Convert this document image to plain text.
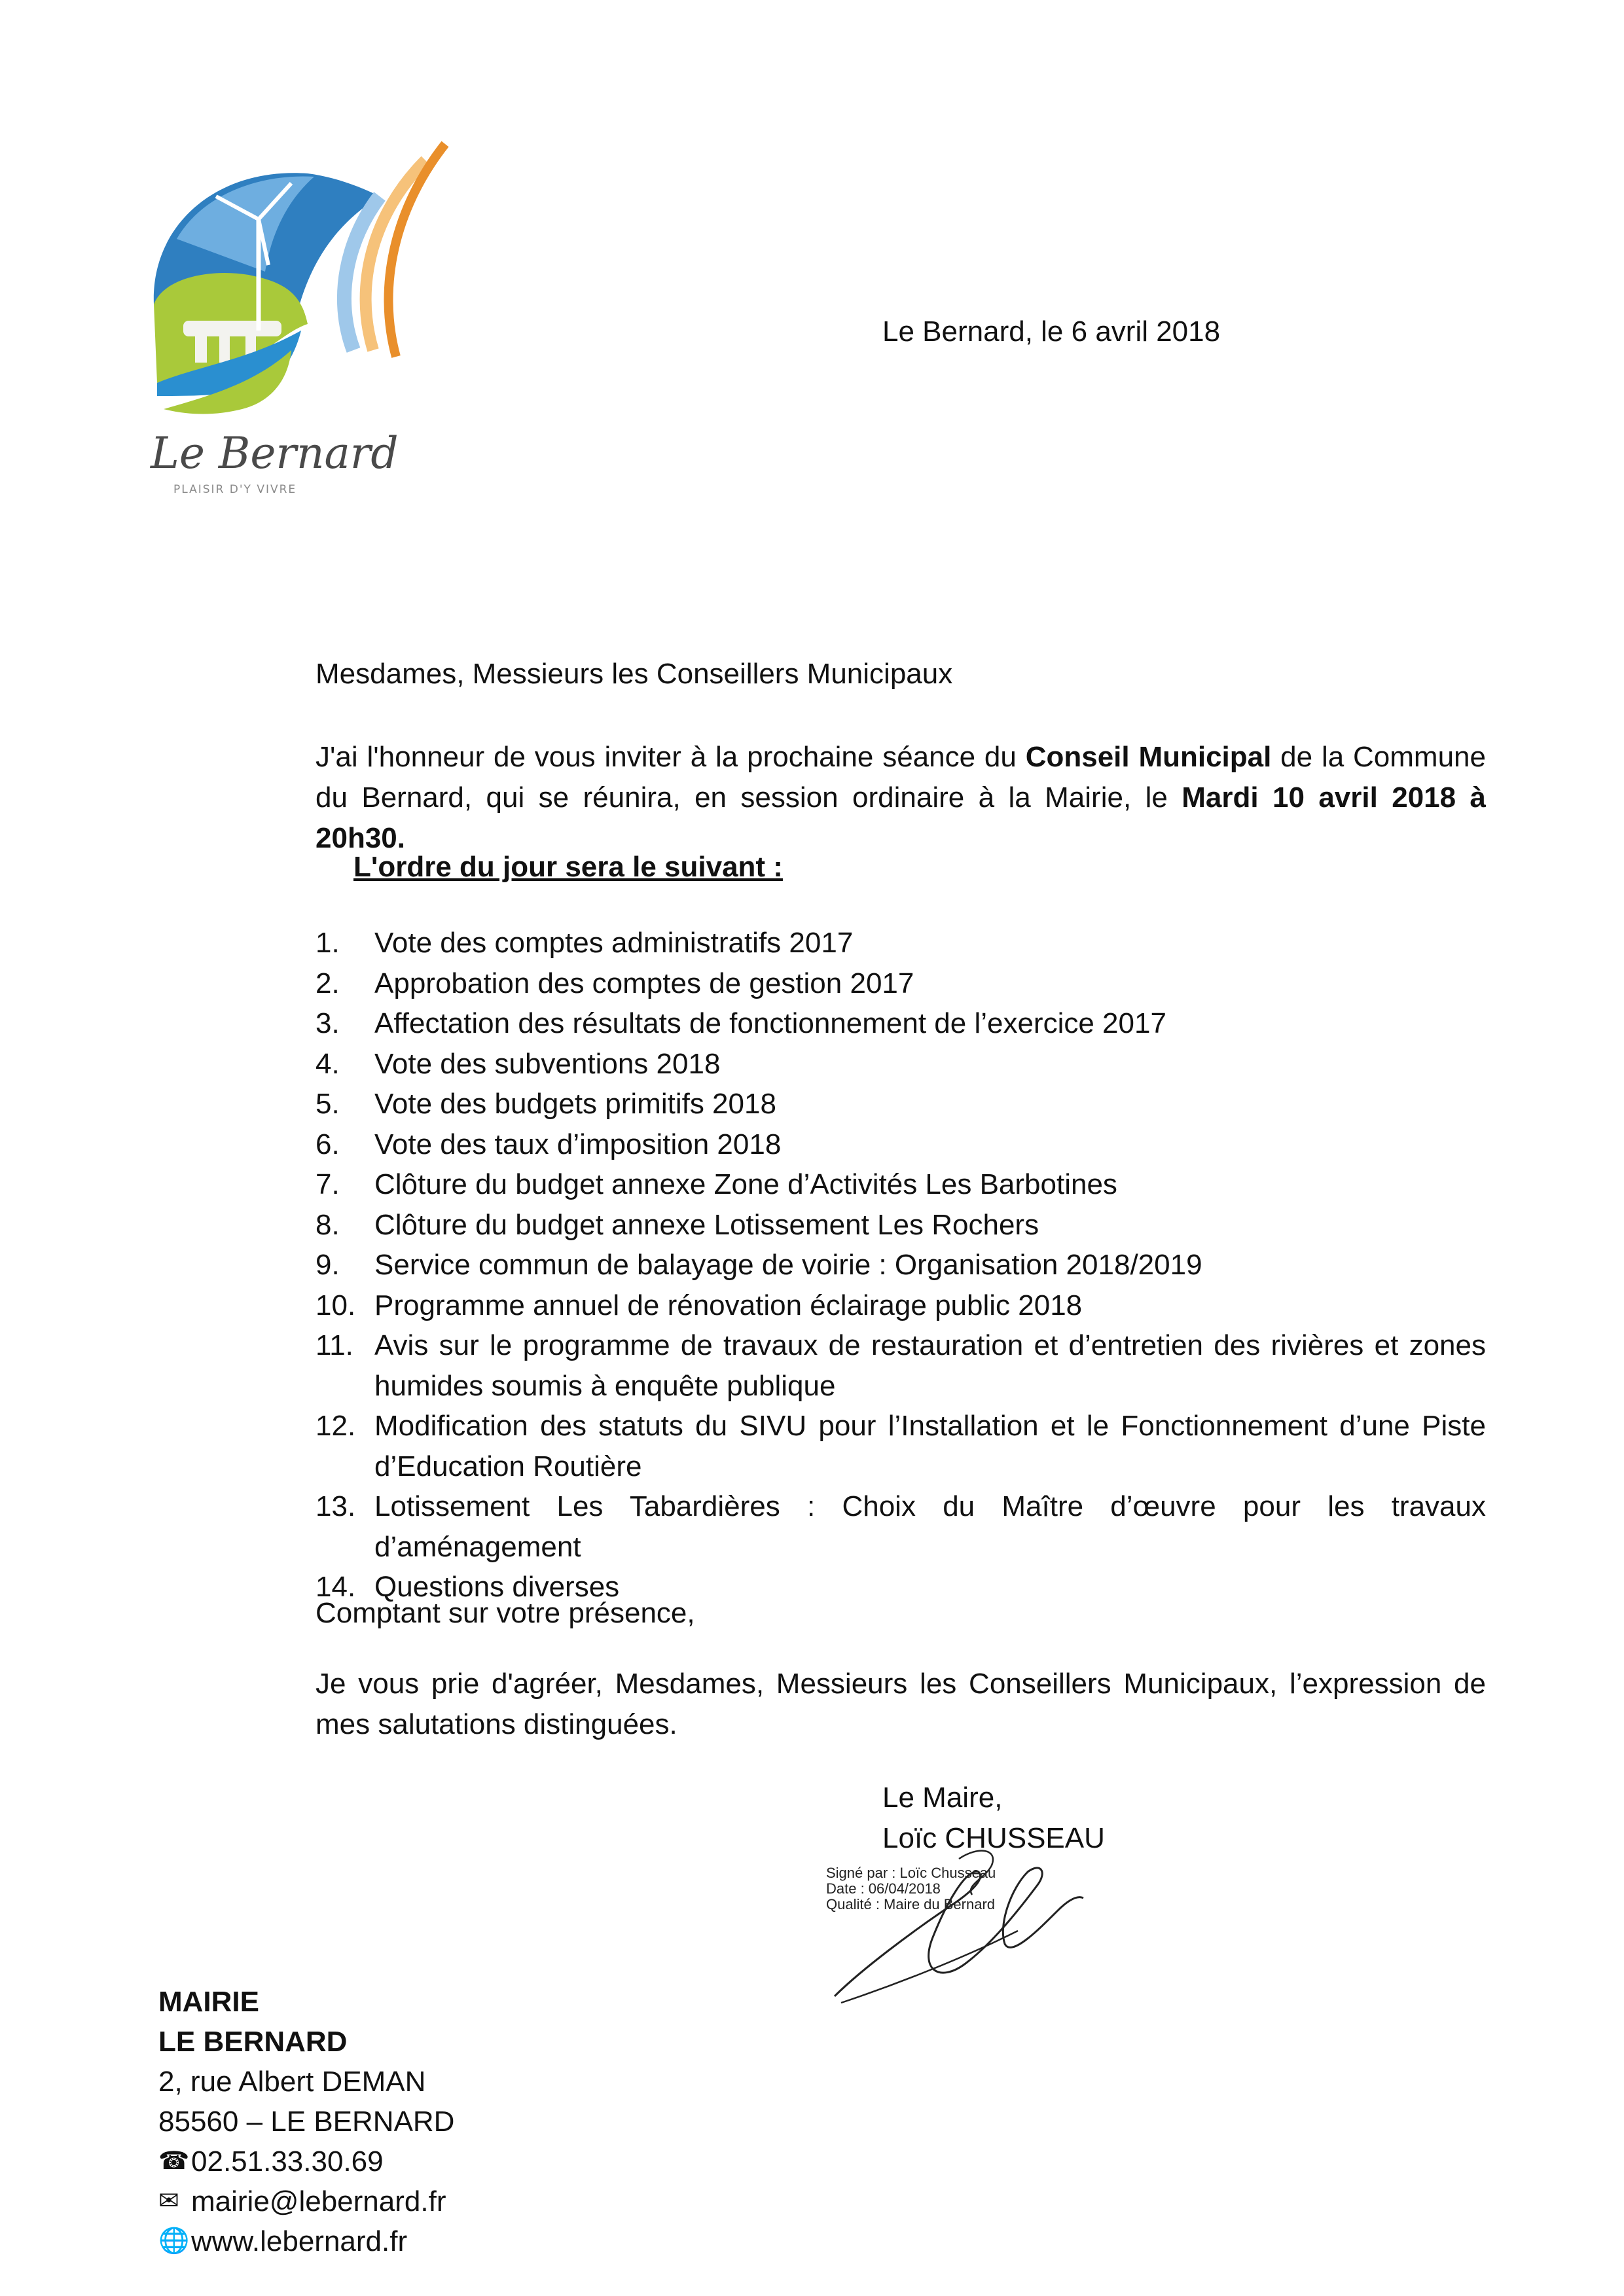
Le Bernard
PLAISIR D'Y VIVRE
Le Bernard, le 6 avril 2018
Mesdames, Messieurs les Conseillers Municipaux
J'ai l'honneur de vous inviter à la prochaine séance du Conseil Municipal de la Commune du Bernard, qui se réunira, en session ordinaire à la Mairie, le Mardi 10 avril 2018 à 20h30.
L'ordre du jour sera le suivant :
1.	Vote des comptes administratifs 2017
2.	Approbation des comptes de gestion 2017
3.	Affectation des résultats de fonctionnement de l’exercice 2017
4.	Vote des subventions 2018
5.	Vote des budgets primitifs 2018
6.	Vote des taux d’imposition 2018
7.	Clôture du budget annexe Zone d’Activités Les Barbotines
8.	Clôture du budget annexe Lotissement Les Rochers
9.	Service commun de balayage de voirie : Organisation 2018/2019
10. Programme annuel de rénovation éclairage public 2018
11. Avis sur le programme de travaux de restauration et d’entretien des rivières et zones humides soumis à enquête publique
12. Modification des statuts du SIVU pour l’Installation et le Fonctionnement d’une Piste d’Education Routière
13. Lotissement Les Tabardières : Choix du Maître d’œuvre pour les travaux d’aménagement
14. Questions diverses
Comptant sur votre présence,
Je vous prie d'agréer, Mesdames, Messieurs les Conseillers Municipaux, l’expression de mes salutations distinguées.
Le Maire,
Loïc CHUSSEAU
Signé par : Loïc Chusseau
Date : 06/04/2018
Qualité : Maire du Bernard
MAIRIE
LE BERNARD
2, rue Albert DEMAN
85560 – LE BERNARD
☎ 02.51.33.30.69
✉ mairie@lebernard.fr
🌐 www.lebernard.fr
